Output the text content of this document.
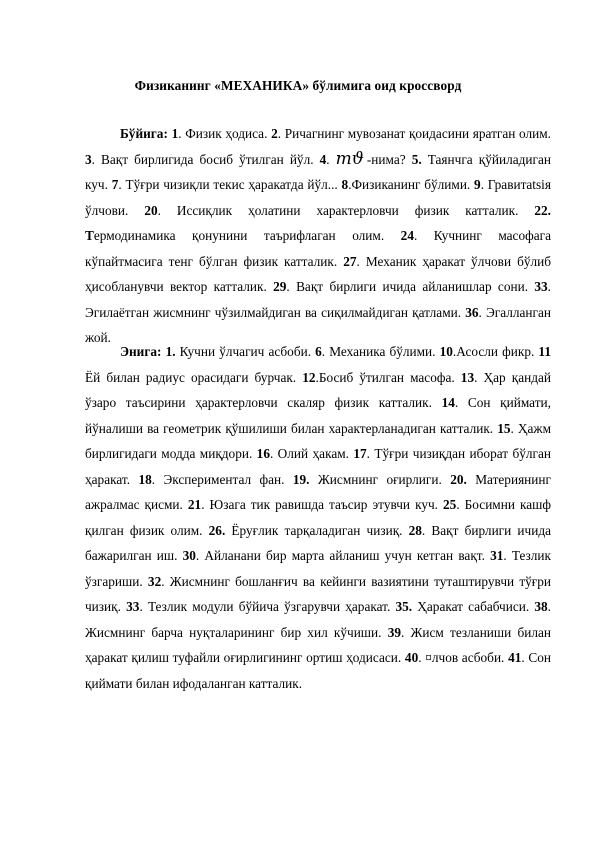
Физиканинг «МЕХАНИКА» бўлимига оид кроссворд

Бўйига: 1. Физик ҳодиса. 2. Ричагнинг мувозанат қоидасини яратган олим. 3. Вақт бирлигида босиб ўтилган йўл. 4. mϑ -нима? 5. Таянчга қўйиладиган куч. 7. Тўғри чизиқли текис ҳаракатда йўл... 8.Физиканинг бўлими. 9. Гравитatsiя ўлчови. 20. Иссиқлик ҳолатини характерловчи физик катталик. 22. Термодинамика қонунини таърифлаган олим. 24. Кучнинг масофага кўпайтмасига тенг бўлган физик катталик. 27. Механик ҳаракат ўлчови бўлиб ҳисобланувчи вектор катталик. 29. Вақт бирлиги ичида айланишлар сони. 33. Эгилаётган жисмнинг чўзилмайдиган ва сиқилмайдиган қатлами. 36. Эгалланган жой.

Энига: 1. Кучни ўлчагич асбоби. 6. Механика бўлими. 10.Асосли фикр. 11 Ёй билан радиус орасидаги бурчак. 12.Босиб ўтилган масофа. 13. Ҳар қандай ўзаро таъсирини ҳарактерловчи скаляр физик катталик. 14. Сон қиймати, йўналиши ва геометрик қўшилиши билан характерланадиган катталик. 15. Ҳажм бирлигидаги модда миқдори. 16. Олий ҳакам. 17. Тўғри чизиқдан иборат бўлган ҳаракат. 18. Экспериментал фан. 19. Жисмнинг оғирлиги. 20. Материянинг ажралмас қисми. 21. Юзага тик равишда таъсир этувчи куч. 25. Босимни кашф қилган физик олим. 26. Ёруғлик тарқаладиган чизиқ. 28. Вақт бирлиги ичида бажарилган иш. 30. Айланани бир марта айланиш учун кетган вақт. 31. Тезлик ўзгариши. 32. Жисмнинг бошланғич ва кейинги вазиятини туташтирувчи тўғри чизиқ. 33. Тезлик модули бўйича ўзгарувчи ҳаракат. 35. Ҳаракат сабабчиси. 38. Жисмнинг барча нуқталарининг бир хил кўчиши. 39. Жисм тезланиши билан ҳаракат қилиш туфайли оғирлигининг ортиш ҳодисаси. 40. ¤лчов асбоби. 41. Сон қиймати билан ифодаланган катталик.
